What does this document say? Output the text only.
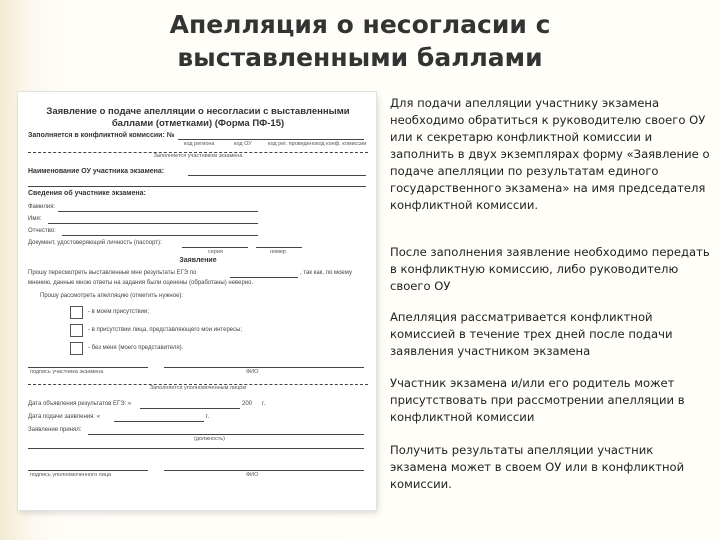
Апелляция о несогласии с
выставленными баллами
Заявление о подаче апелляции о несогласии с выставленными
баллами (отметками) (Форма ПФ-15)
Заполняется в конфликтной комиссии: №
код региона	код ОУ	код рег. проведено код конф. комиссии
Заполняется участником экзамена
Наименование ОУ участника экзамена:
Сведения об участнике экзамена:
Фамилия:
Имя:
Отчество:
Документ, удостоверяющий личность (паспорт):
серия	номер
Заявление
Прошу пересмотреть выставленные мне результаты ЕГЭ по	, так как, по моему
мнению, данные мною ответы на задания были оценены (обработаны) неверно.
Прошу рассмотреть апелляцию (отметить нужное):
- в моем присутствии;
- в присутствии лица, представляющего мои интересы;
- без меня (моего представителя).
подпись участника экзамена	ФИО
Заполняется уполномоченным лицом
Дата объявления результатов ЕГЭ: «	200 г.
Дата подачи заявления: «	г.
Заявление принял:
(должность)
подпись уполномоченного лица	ФИО

Для подачи апелляции участнику экзамена необходимо обратиться к руководителю своего ОУ или к секретарю конфликтной комиссии и заполнить в двух экземплярах форму «Заявление о подаче апелляции по результатам единого государственного экзамена» на имя председателя конфликтной комиссии.

После заполнения заявление необходимо передать в конфликтную комиссию, либо руководителю своего ОУ

Апелляция рассматривается конфликтной комиссией в течение трех дней после подачи заявления участником экзамена

Участник экзамена и/или его родитель может присутствовать при рассмотрении апелляции в конфликтной комиссии

Получить результаты апелляции участник экзамена может в своем ОУ или в конфликтной комиссии.
